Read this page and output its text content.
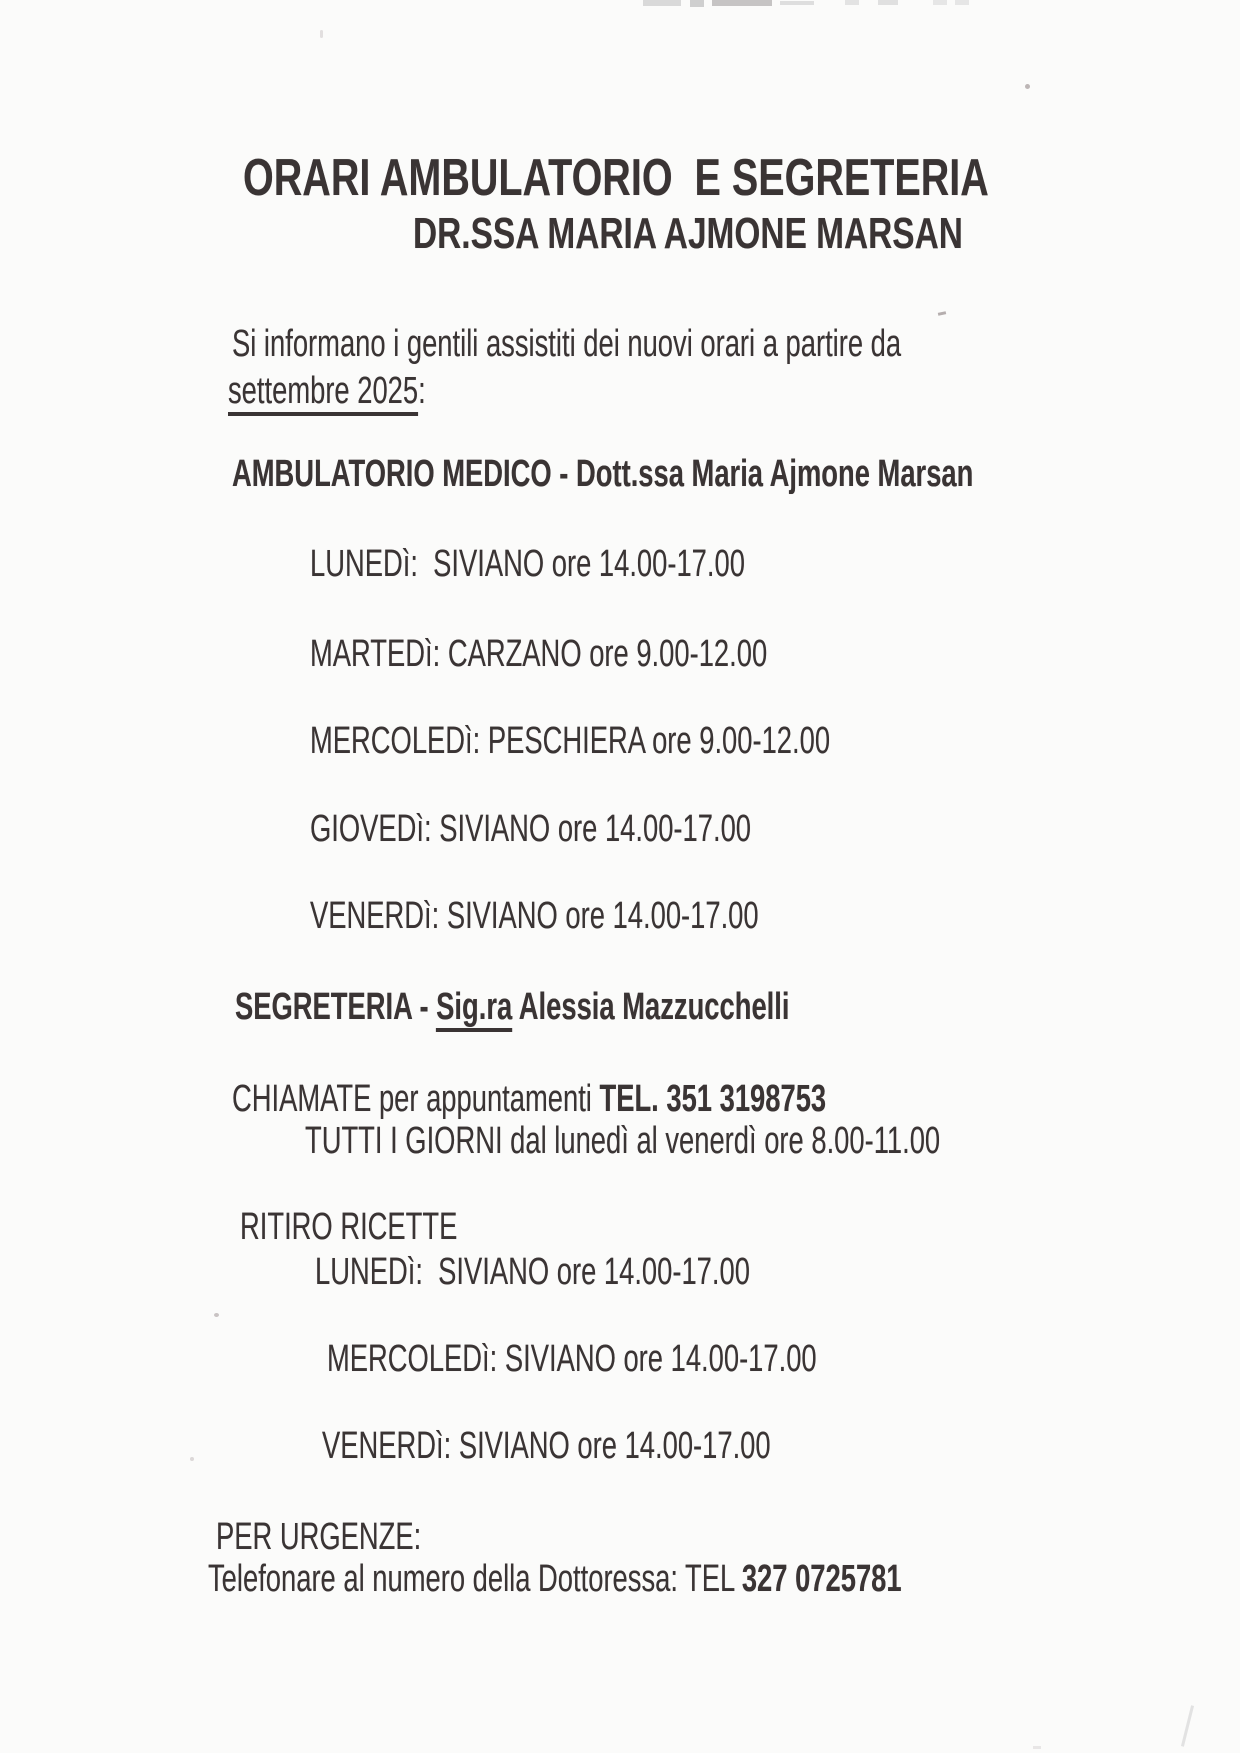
ORARI AMBULATORIO  E SEGRETERIA
DR.SSA MARIA AJMONE MARSAN
Si informano i gentili assistiti dei nuovi orari a partire da
settembre 2025:
AMBULATORIO MEDICO - Dott.ssa Maria Ajmone Marsan
LUNEDì:  SIVIANO ore 14.00-17.00
MARTEDì: CARZANO ore 9.00-12.00
MERCOLEDì: PESCHIERA ore 9.00-12.00
GIOVEDì: SIVIANO ore 14.00-17.00
VENERDì: SIVIANO ore 14.00-17.00
SEGRETERIA - Sig.ra Alessia Mazzucchelli
CHIAMATE per appuntamenti TEL. 351 3198753
TUTTI I GIORNI dal lunedì al venerdì ore 8.00-11.00
RITIRO RICETTE
LUNEDì:  SIVIANO ore 14.00-17.00
MERCOLEDì: SIVIANO ore 14.00-17.00
VENERDì: SIVIANO ore 14.00-17.00
PER URGENZE:
Telefonare al numero della Dottoressa: TEL 327 0725781
